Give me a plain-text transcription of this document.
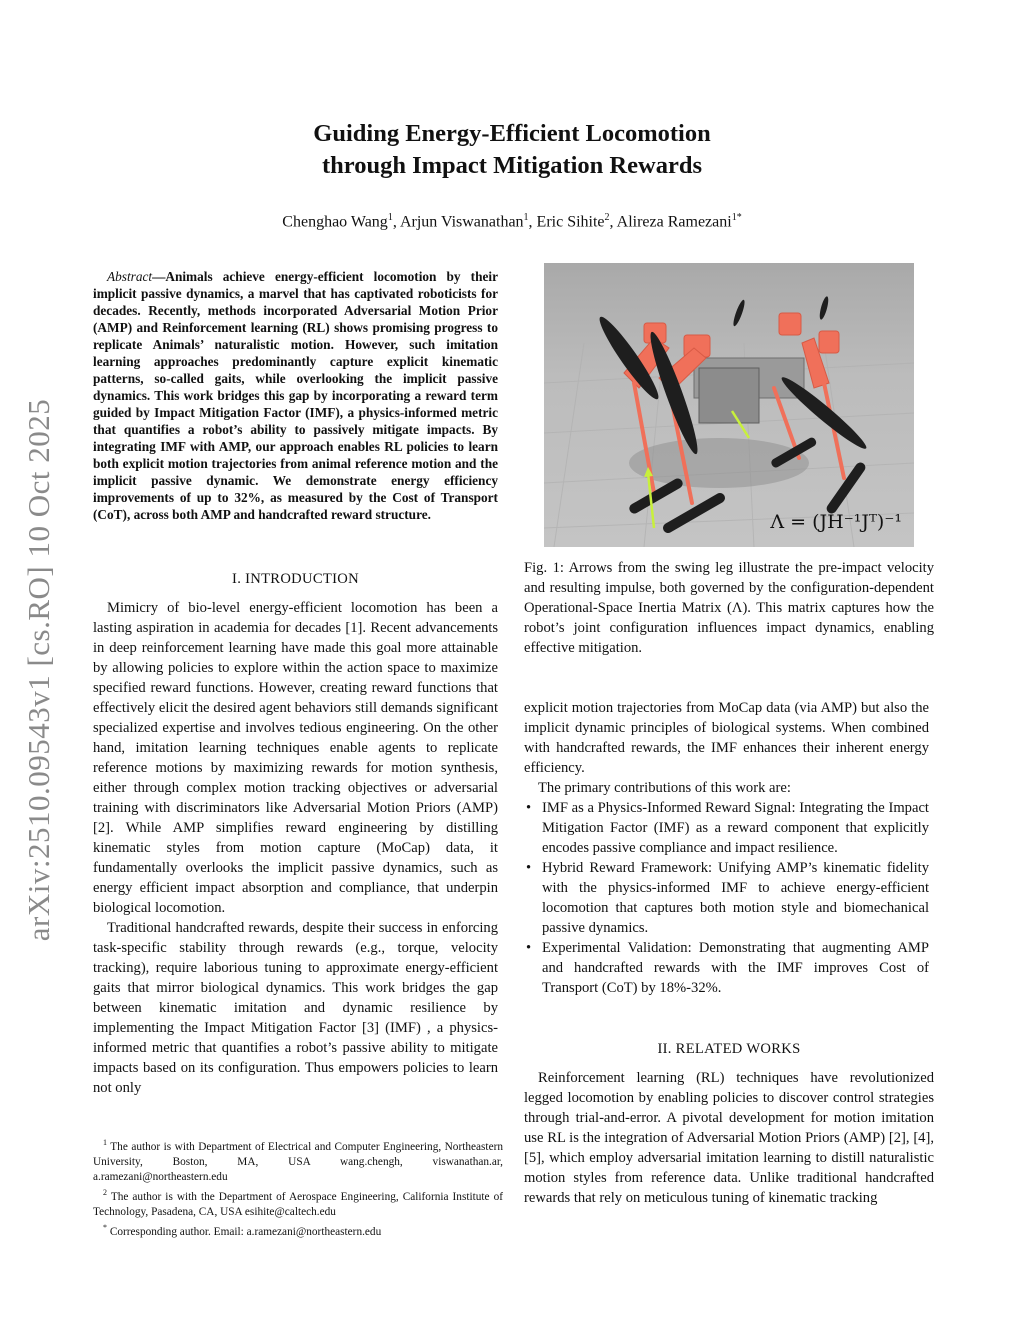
arXiv:2510.09543v1 [cs.RO] 10 Oct 2025
Guiding Energy-Efficient Locomotion
through Impact Mitigation Rewards
Chenghao Wang$^1$, Arjun Viswanathan$^1$, Eric Sihite$^2$, Alireza Ramezani$^{1*}$
Abstract—Animals achieve energy-efficient locomotion by their implicit passive dynamics, a marvel that has captivated roboticists for decades. Recently, methods incorporated Adversarial Motion Prior (AMP) and Reinforcement learning (RL) shows promising progress to replicate Animals’ naturalistic motion. However, such imitation learning approaches predominantly capture explicit kinematic patterns, so-called gaits, while overlooking the implicit passive dynamics. This work bridges this gap by incorporating a reward term guided by Impact Mitigation Factor (IMF), a physics-informed metric that quantifies a robot’s ability to passively mitigate impacts. By integrating IMF with AMP, our approach enables RL policies to learn both explicit motion trajectories from animal reference motion and the implicit passive dynamic. We demonstrate energy efficiency improvements of up to 32%, as measured by the Cost of Transport (CoT), across both AMP and handcrafted reward structure.
I. INTRODUCTION

Mimicry of bio-level energy-efficient locomotion has been a lasting aspiration in academia for decades [1]. Recent advancements in deep reinforcement learning have made this goal more attainable by allowing policies to explore within the action space to maximize specified reward functions. However, creating reward functions that effectively elicit the desired agent behaviors still demands significant specialized expertise and involves tedious engineering. On the other hand, imitation learning techniques enable agents to replicate reference motions by maximizing rewards for motion synthesis, either through complex motion tracking objectives or adversarial training with discriminators like Adversarial Motion Priors (AMP) [2]. While AMP simplifies reward engineering by distilling kinematic styles from motion capture (MoCap) data, it fundamentally overlooks the implicit passive dynamics, such as energy efficient impact absorption and compliance, that underpin biological locomotion.

Traditional handcrafted rewards, despite their success in enforcing task-specific stability through rewards (e.g., torque, velocity tracking), require laborious tuning to approximate energy-efficient gaits that mirror biological dynamics. This work bridges the gap between kinematic imitation and dynamic resilience by implementing the Impact Mitigation Factor [3] (IMF) , a physics-informed metric that quantifies a robot’s passive ability to mitigate impacts based on its configuration. Thus empowers policies to learn not only

$^1$ The author is with Department of Electrical and Computer Engineering, Northeastern University, Boston, MA, USA wang.chengh, viswanathan.ar, a.ramezani@northeastern.edu
$^2$ The author is with the Department of Aerospace Engineering, California Institute of Technology, Pasadena, CA, USA esihite@caltech.edu
* Corresponding author. Email: a.ramezani@northeastern.edu
Λ = (JH⁻¹Jᵀ)⁻¹
Fig. 1: Arrows from the swing leg illustrate the pre-impact velocity and resulting impulse, both governed by the configuration-dependent Operational-Space Inertia Matrix (Λ). This matrix captures how the robot’s joint configuration influences impact dynamics, enabling effective mitigation.

explicit motion trajectories from MoCap data (via AMP) but also the implicit dynamic principles of biological systems. When combined with handcrafted rewards, the IMF enhances their inherent energy efficiency.

The primary contributions of this work are:

• IMF as a Physics-Informed Reward Signal: Integrating the Impact Mitigation Factor (IMF) as a reward component that explicitly encodes passive compliance and impact resilience.
• Hybrid Reward Framework: Unifying AMP’s kinematic fidelity with the physics-informed IMF to achieve energy-efficient locomotion that captures both motion style and biomechanical passive dynamics.
• Experimental Validation: Demonstrating that augmenting AMP and handcrafted rewards with the IMF improves Cost of Transport (CoT) by 18%-32%.
II. RELATED WORKS

Reinforcement learning (RL) techniques have revolutionized legged locomotion by enabling policies to discover control strategies through trial-and-error. A pivotal development for motion imitation use RL is the integration of Adversarial Motion Priors (AMP) [2], [4], [5], which employ adversarial imitation learning to distill naturalistic motion styles from reference data. Unlike traditional handcrafted rewards that rely on meticulous tuning of kinematic tracking
